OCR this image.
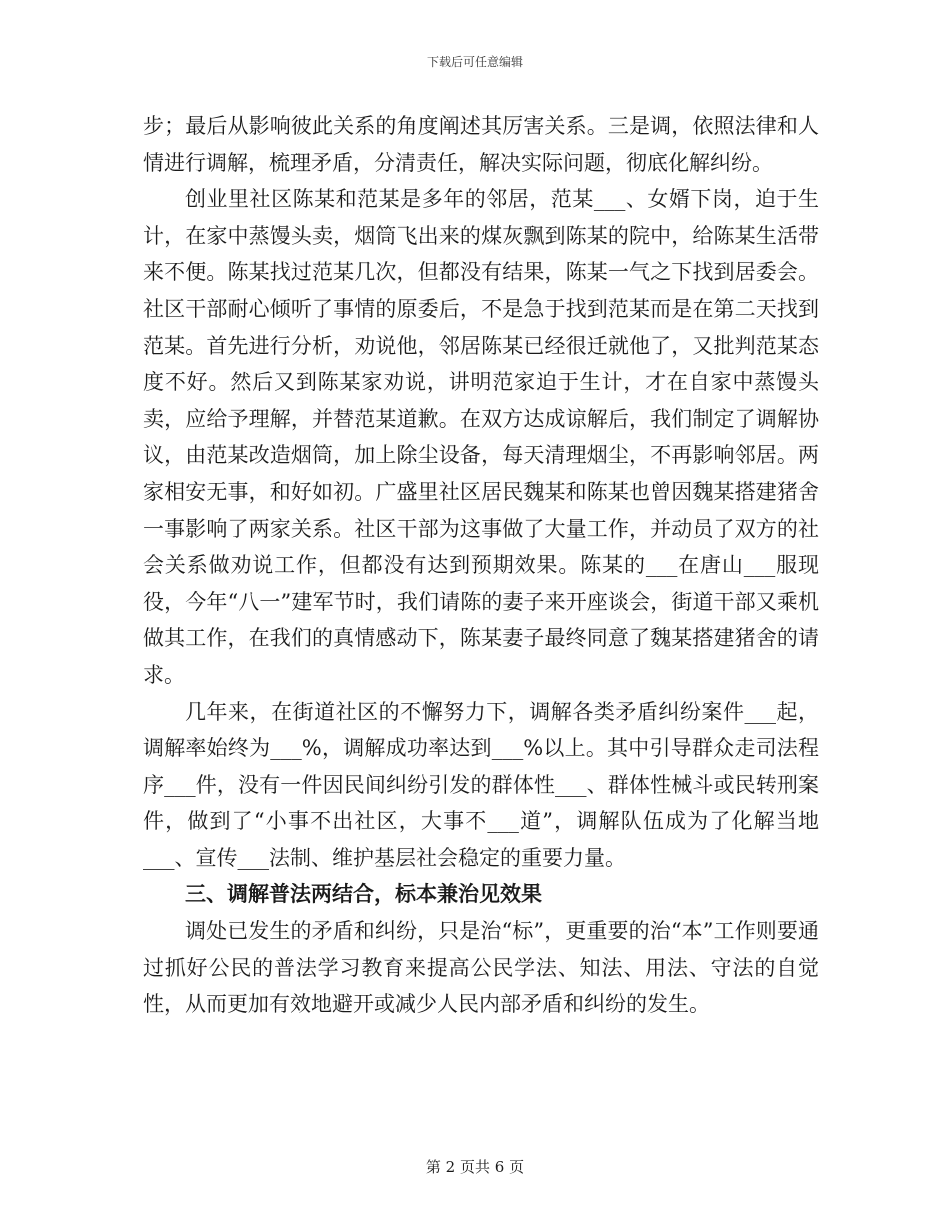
下载后可任意编辑

步；最后从影响彼此关系的角度阐述其厉害关系。三是调，依照法律和人情进行调解，梳理矛盾，分清责任，解决实际问题，彻底化解纠纷。

创业里社区陈某和范某是多年的邻居，范某___、女婿下岗，迫于生计，在家中蒸馒头卖，烟筒飞出来的煤灰飘到陈某的院中，给陈某生活带来不便。陈某找过范某几次，但都没有结果，陈某一气之下找到居委会。社区干部耐心倾听了事情的原委后，不是急于找到范某而是在第二天找到范某。首先进行分析，劝说他，邻居陈某已经很迁就他了，又批判范某态度不好。然后又到陈某家劝说，讲明范家迫于生计，才在自家中蒸馒头卖，应给予理解，并替范某道歉。在双方达成谅解后，我们制定了调解协议，由范某改造烟筒，加上除尘设备，每天清理烟尘，不再影响邻居。两家相安无事，和好如初。广盛里社区居民魏某和陈某也曾因魏某搭建猪舍一事影响了两家关系。社区干部为这事做了大量工作，并动员了双方的社会关系做劝说工作，但都没有达到预期效果。陈某的___在唐山___服现役，今年“八一”建军节时，我们请陈的妻子来开座谈会，街道干部又乘机做其工作，在我们的真情感动下，陈某妻子最终同意了魏某搭建猪舍的请求。

几年来，在街道社区的不懈努力下，调解各类矛盾纠纷案件___起，调解率始终为___%，调解成功率达到___%以上。其中引导群众走司法程序___件，没有一件因民间纠纷引发的群体性___、群体性械斗或民转刑案件，做到了“小事不出社区，大事不___道”，调解队伍成为了化解当地___、宣传___法制、维护基层社会稳定的重要力量。

三、调解普法两结合，标本兼治见效果

调处已发生的矛盾和纠纷，只是治“标”，更重要的治“本”工作则要通过抓好公民的普法学习教育来提高公民学法、知法、用法、守法的自觉性，从而更加有效地避开或减少人民内部矛盾和纠纷的发生。

第 2 页共 6 页
